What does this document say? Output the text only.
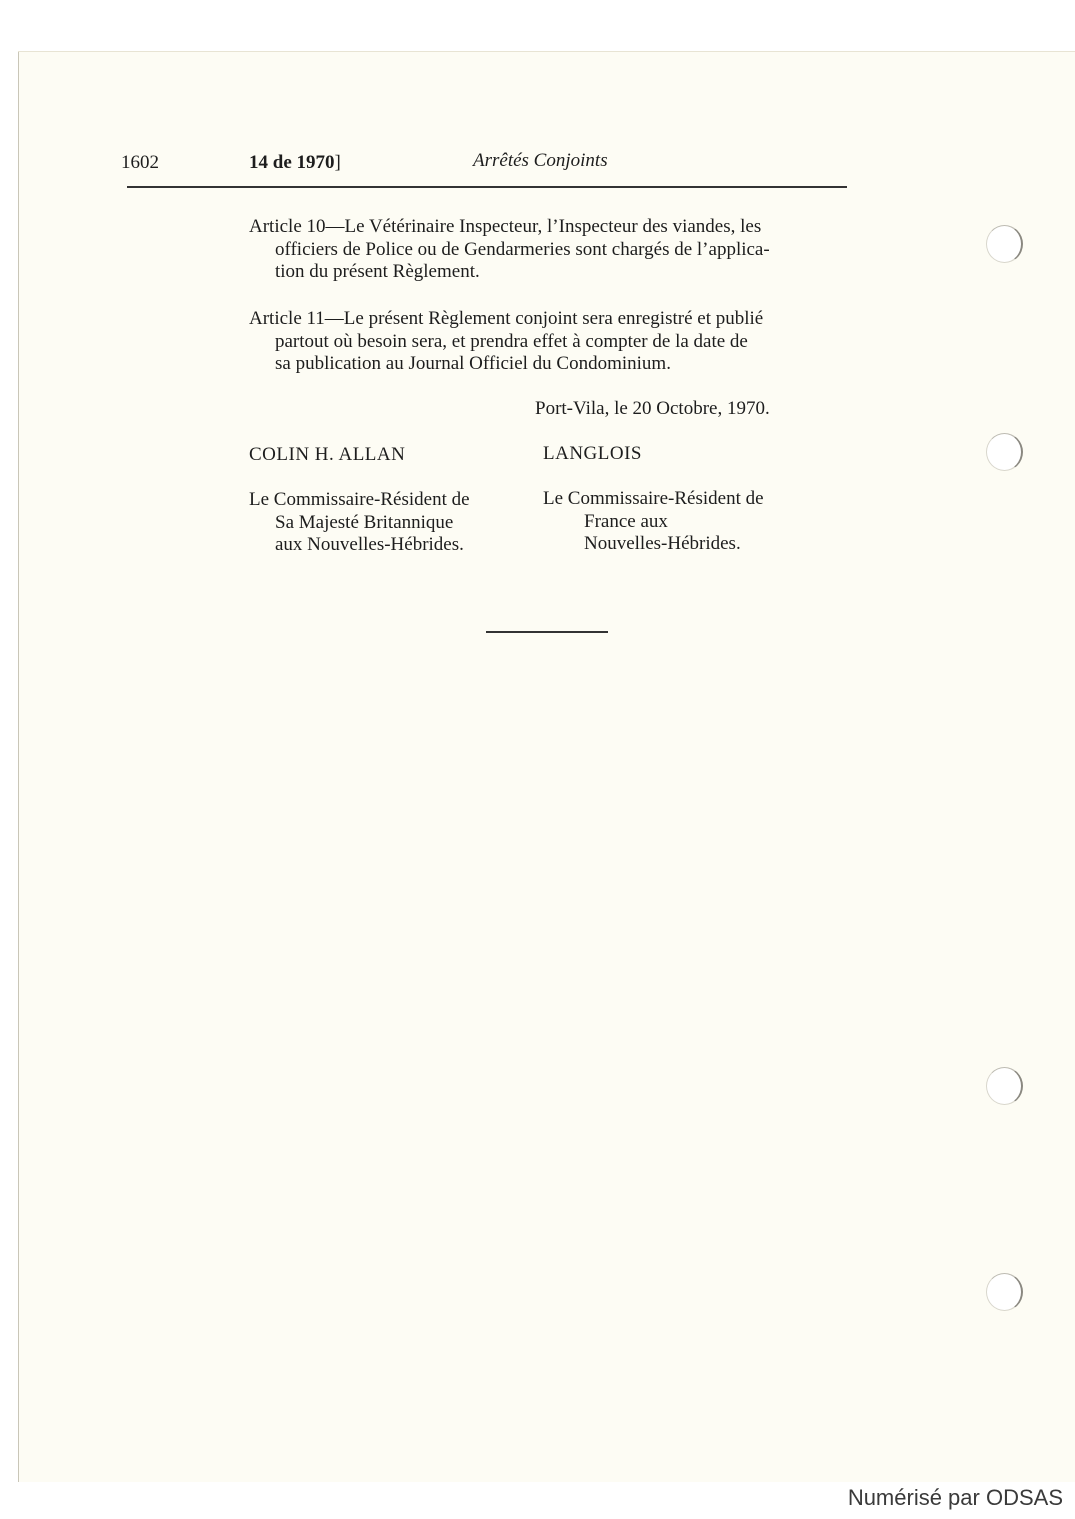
1602	14 de 1970]	Arrêtés Conjoints
Article 10—Le Vétérinaire Inspecteur, l’Inspecteur des viandes, les
officiers de Police ou de Gendarmeries sont chargés de l’applica-
tion du présent Règlement.
Article 11—Le présent Règlement conjoint sera enregistré et publié
partout où besoin sera, et prendra effet à compter de la date de
sa publication au Journal Officiel du Condominium.
Port-Vila, le 20 Octobre, 1970.
COLIN H. ALLAN	LANGLOIS
Le Commissaire-Résident de
Sa Majesté Britannique
aux Nouvelles-Hébrides.
Le Commissaire-Résident de
France aux
Nouvelles-Hébrides.
Numérisé par ODSAS
